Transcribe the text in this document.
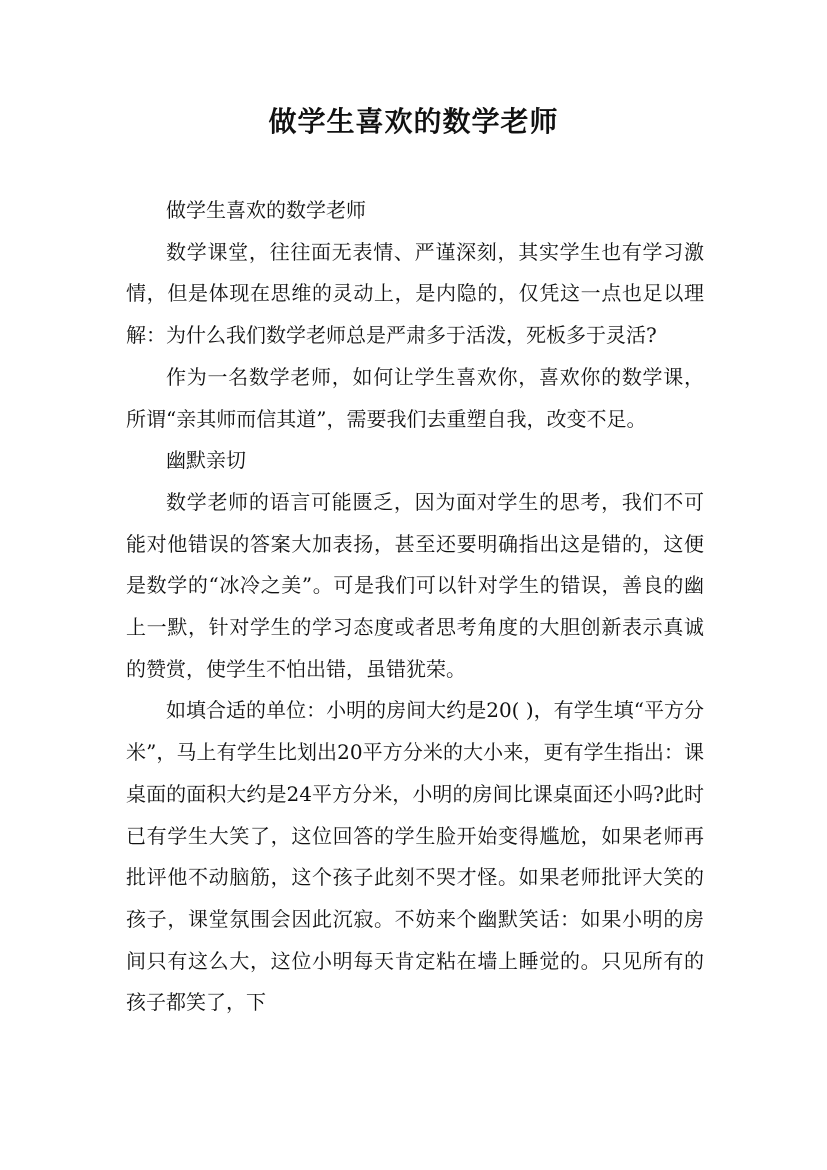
做学生喜欢的数学老师

做学生喜欢的数学老师

数学课堂，往往面无表情、严谨深刻，其实学生也有学习激情，但是体现在思维的灵动上，是内隐的，仅凭这一点也足以理解：为什么我们数学老师总是严肃多于活泼，死板多于灵活?

作为一名数学老师，如何让学生喜欢你，喜欢你的数学课，所谓“亲其师而信其道”，需要我们去重塑自我，改变不足。

幽默亲切

数学老师的语言可能匮乏，因为面对学生的思考，我们不可能对他错误的答案大加表扬，甚至还要明确指出这是错的，这便是数学的“冰冷之美”。可是我们可以针对学生的错误，善良的幽上一默，针对学生的学习态度或者思考角度的大胆创新表示真诚的赞赏，使学生不怕出错，虽错犹荣。

如填合适的单位：小明的房间大约是20( )，有学生填“平方分米”，马上有学生比划出20平方分米的大小来，更有学生指出：课桌面的面积大约是24平方分米，小明的房间比课桌面还小吗?此时已有学生大笑了，这位回答的学生脸开始变得尴尬，如果老师再批评他不动脑筋，这个孩子此刻不哭才怪。如果老师批评大笑的孩子，课堂氛围会因此沉寂。不妨来个幽默笑话：如果小明的房间只有这么大，这位小明每天肯定粘在墙上睡觉的。只见所有的孩子都笑了，下
